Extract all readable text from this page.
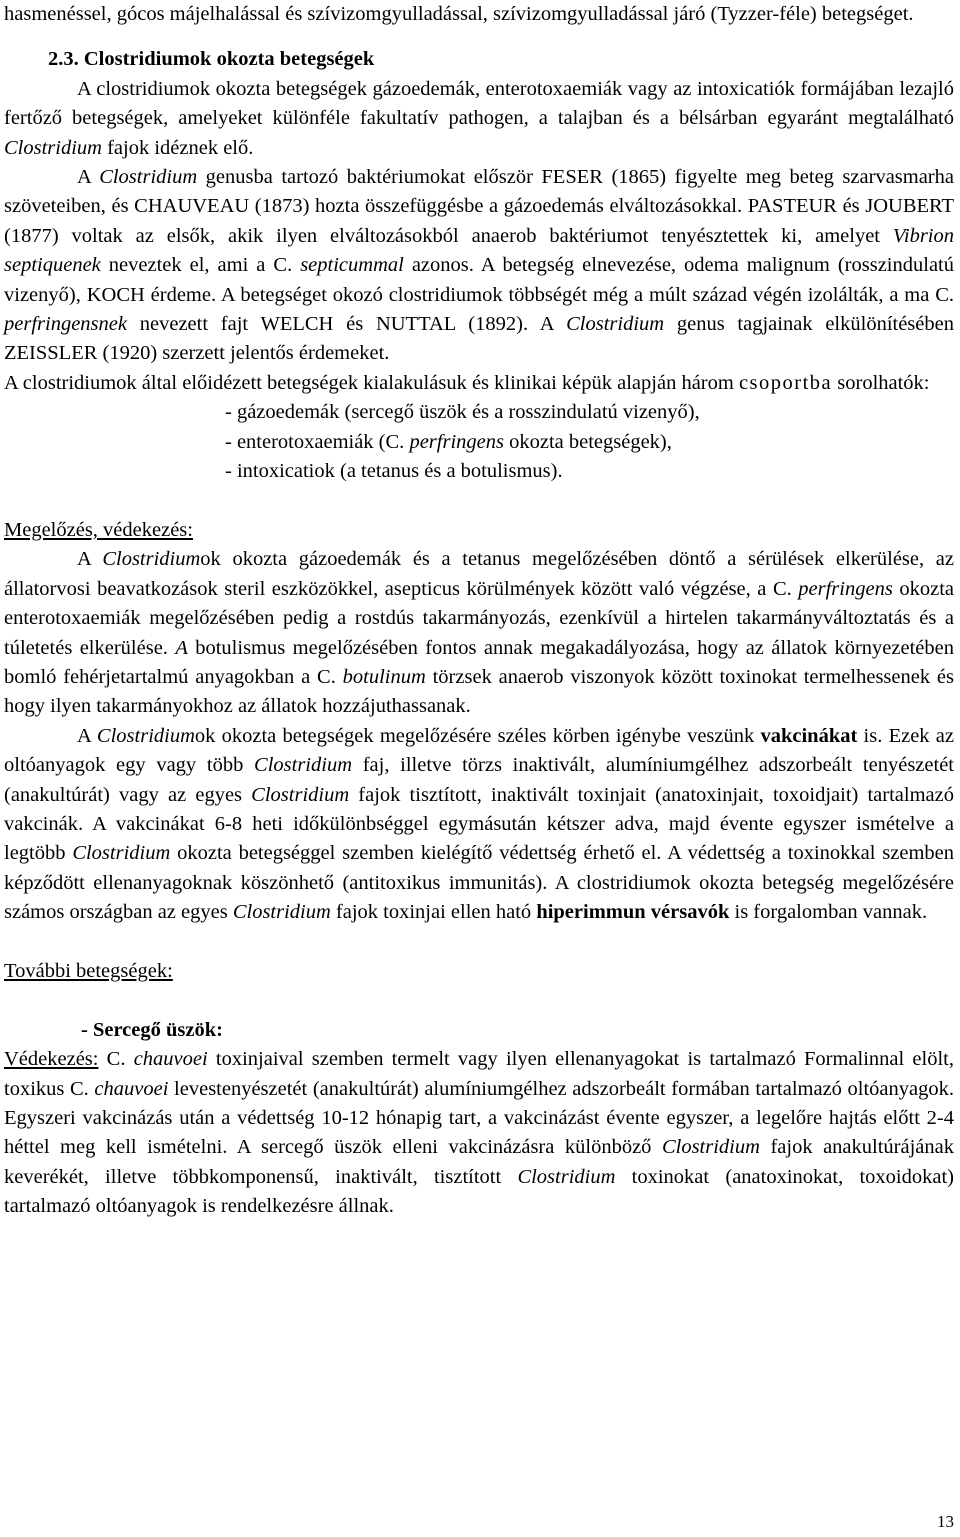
hasmenéssel, gócos májelhalással és szívizomgyulladással, szívizomgyulladással járó (Tyzzer-féle) betegséget.

2.3. Clostridiumok okozta betegségek

A clostridiumok okozta betegségek gázoedemák, enterotoxaemiák vagy az intoxicatiók formájában lezajló fertőző betegségek, amelyeket különféle fakultatív pathogen, a talajban és a bélsárban egyaránt megtalálható Clostridium fajok idéznek elő.

A Clostridium genusba tartozó baktériumokat először FESER (1865) figyelte meg beteg szarvasmarha szöveteiben, és CHAUVEAU (1873) hozta összefüggésbe a gázoedemás elváltozásokkal. PASTEUR és JOUBERT (1877) voltak az elsők, akik ilyen elváltozásokból anaerob baktériumot tenyésztettek ki, amelyet Vibrion septiquenek neveztek el, ami a C. septicummal azonos. A betegség elnevezése, odema malignum (rosszindulatú vizenyő), KOCH érdeme. A betegséget okozó clostridiumok többségét még a múlt század végén izolálták, a ma C. perfringensnek nevezett fajt WELCH és NUTTAL (1892). A Clostridium genus tagjainak elkülönítésében ZEISSLER (1920) szerzett jelentős érdemeket.

A clostridiumok által előidézett betegségek kialakulásuk és klinikai képük alapján három csoportba sorolhatók:

- gázoedemák (sercegő üszök és a rosszindulatú vizenyő),
- enterotoxaemiák (C. perfringens okozta betegségek),
- intoxicatiok (a tetanus és a botulismus).

Megelőzés, védekezés:

A Clostridiumok okozta gázoedemák és a tetanus megelőzésében döntő a sérülések elkerülése, az állatorvosi beavatkozások steril eszközökkel, asepticus körülmények között való végzése, a C. perfringens okozta enterotoxaemiák megelőzésében pedig a rostdús takarmányozás, ezenkívül a hirtelen takarmányváltoztatás és a túletetés elkerülése. A botulismus megelőzésében fontos annak megakadályozása, hogy az állatok környezetében bomló fehérjetartalmú anyagokban a C. botulinum törzsek anaerob viszonyok között toxinokat termelhessenek és hogy ilyen takarmányokhoz az állatok hozzájuthassanak.

A Clostridiumok okozta betegségek megelőzésére széles körben igénybe veszünk vakcinákat is. Ezek az oltóanyagok egy vagy több Clostridium faj, illetve törzs inaktivált, alumíniumgélhez adszorbeált tenyészetét (anakultúrát) vagy az egyes Clostridium fajok tisztított, inaktivált toxinjait (anatoxinjait, toxoidjait) tartalmazó vakcinák. A vakcinákat 6-8 heti időkülönbséggel egymásután kétszer adva, majd évente egyszer ismételve a legtöbb Clostridium okozta betegséggel szemben kielégítő védettség érhető el. A védettség a toxinokkal szemben képződött ellenanyagoknak köszönhető (antitoxikus immunitás). A clostridiumok okozta betegség megelőzésére számos országban az egyes Clostridium fajok toxinjai ellen ható hiperimmun vérsavók is forgalomban vannak.

További betegségek:

- Sercegő üszök:

Védekezés: C. chauvoei toxinjaival szemben termelt vagy ilyen ellenanyagokat is tartalmazó Formalinnal elölt, toxikus C. chauvoei levestenyészetét (anakultúrát) alumíniumgélhez adszorbeált formában tartalmazó oltóanyagok. Egyszeri vakcinázás után a védettség 10-12 hónapig tart, a vakcinázást évente egyszer, a legelőre hajtás előtt 2-4 héttel meg kell ismételni. A sercegő üszök elleni vakcinázásra különböző Clostridium fajok anakultúrájának keverékét, illetve többkomponensű, inaktivált, tisztított Clostridium toxinokat (anatoxinokat, toxoidokat) tartalmazó oltóanyagok is rendelkezésre állnak.

13
